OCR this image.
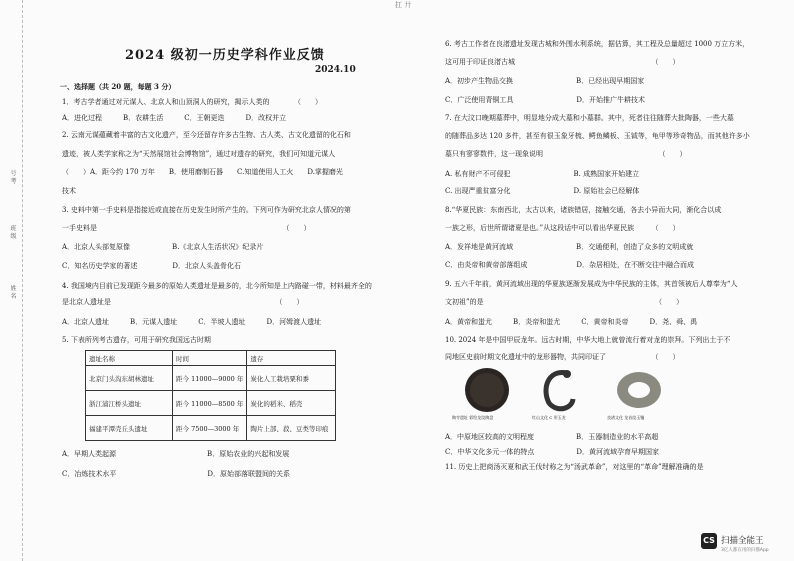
扛 廾
号 考
班 级
姓 名
2024 级初一历史学科作业反馈
2024.10
一、选择题（共 20 题，每题 3 分）
1．考古学者通过对元谋人、北京人和山顶洞人的研究，揭示人类的　　　　（　　）
A．进化过程　　　B．农耕生活　　　C．王朝更迭　　　D．改权并立
2. 云南元谋蕴藏着丰富的古文化遗产，至今还留存许多古生物、古人类、古文化遗留的化石和
遗迹，被人类学家称之为“天然展馆社会博物馆”，通过对遗存的研究，我们可知道元谋人
（　　）A．距今约 170 万年　　B．使用磨制石器　　C.知道使用人工火　　D.掌握磨光
技术
3. 史料中第一手史料是指接近或直接在历史发生时所产生的。下列可作为研究北京人情况的第
一手史料是　　　　　　　　　　　　　　　　　　　　　　　　　　　（　　）
A．北京人头部复原像　　　　　　B.《北京人生活状况》纪录片
C．知名历史学家的著述　　　　　D．北京人头盖骨化石
4. 我国境内目前已发现距今最多的原始人类遗址是最多的，北今所知是上内路碰一带，材料最齐全的
是北京人遗址是　　　　　　　　　　　　　　　　　　　　　　　　（　　）
A．北京人遗址　　　B．元谋人遗址　　　C．半坡人遗址　　　D．河姆渡人遗址
5. 下表所列考古遗存，可用于研究我国远古时期
遗址名称	时间	遗存
北京门头沟东胡林遗址	距今 11000—9000 年	炭化人工栽培粟和黍
浙江浦江桥头遗址	距今 11000—8500 年	炭化的稻米、稻壳
福建平潭壳丘头遗址	距今 7500—3000 年	陶片上部、菽、豆类等印痕
A．早期人类起源　　　　　　　　　　　　　B．原始农业的兴起和发展
C．冶炼技术水平　　　　　　　　　　　　　D．原始部落联盟间的关系
6. 考古工作者在良渚遗址发现古城和外围水利系统，据估算，其工程及总量超过 1000 万立方米，
这可用于印证良渚古城　　　　　　　　　　　　　　　　　　　　（　　）
A．初步产生物品交换　　　　　　　　　B．已经出现早期国家
C．广泛使用青铜工具　　　　　　　　　D．开始推广牛耕技术
7. 在大汶口晚期墓葬中，明显地分成大墓和小墓群。其中，死者往往随葬大批陶器，一些大墓
的随葬品多达 120 多件，甚至有很玉象牙梳、鳄鱼鳞板、玉钺等，龟甲等珍奇物品，而其他许多小
墓只有寥寥数件，这一现象说明　　　　　　　　　　　　　　　　　（　　）
A. 私有财产不可侵犯　　　　　　　　　B. 成熟国家开始建立
C. 出现严重贫富分化　　　　　　　　　D. 原始社会已经解体
8.“华夏民族：东南西北，太古以来，诸族错居，接触交通，各去小异而大同，渐化合以成
一族之形，后世所谓诸夏是也。”从这段话中可以看出华夏民族　　　（　　）
A．发祥地是黄河流域　　　　　　　　　B．交通便利，创造了众多的文明成就
C．由炎帝和黄帝部落组成　　　　　　　D．杂居相处，在不断交往中融合而成
9. 五六千年前，黄河流域出现的华夏族逐渐发展成为中华民族的主体，其首领被后人尊奉为“人
文初祖”的是　　　　　　　　　　　　　　　　　　　　　　　　　（　　）
A．黄帝和蚩尤　　　B．炎帝和蚩尤　　　C．黄帝和炎帝　　　D．尧、舜、禹
10. 2024 年是中国甲辰龙年。远古时期，中华大地上就曾流行着对龙的崇拜。下列出土于不
同地区史前时期文化遗址中的龙形器物，共同印证了　　　　　　　（　　）
陶寺遗址 彩绘龙纹陶盘	红山文化 C 形玉龙	良渚文化 龙首纹玉镯
A．中原地区较高的文明程度　　　　　　B．玉器制造业的水平高超
C．中华文化多元一体的特点　　　　　　D．黄河流域孕育早期国家
11. 历史上把商汤灭夏和武王伐纣称之为“汤武革命”，对这里的“革命”理解准确的是
CS 扫描全能王
3亿人都在用的扫描App
